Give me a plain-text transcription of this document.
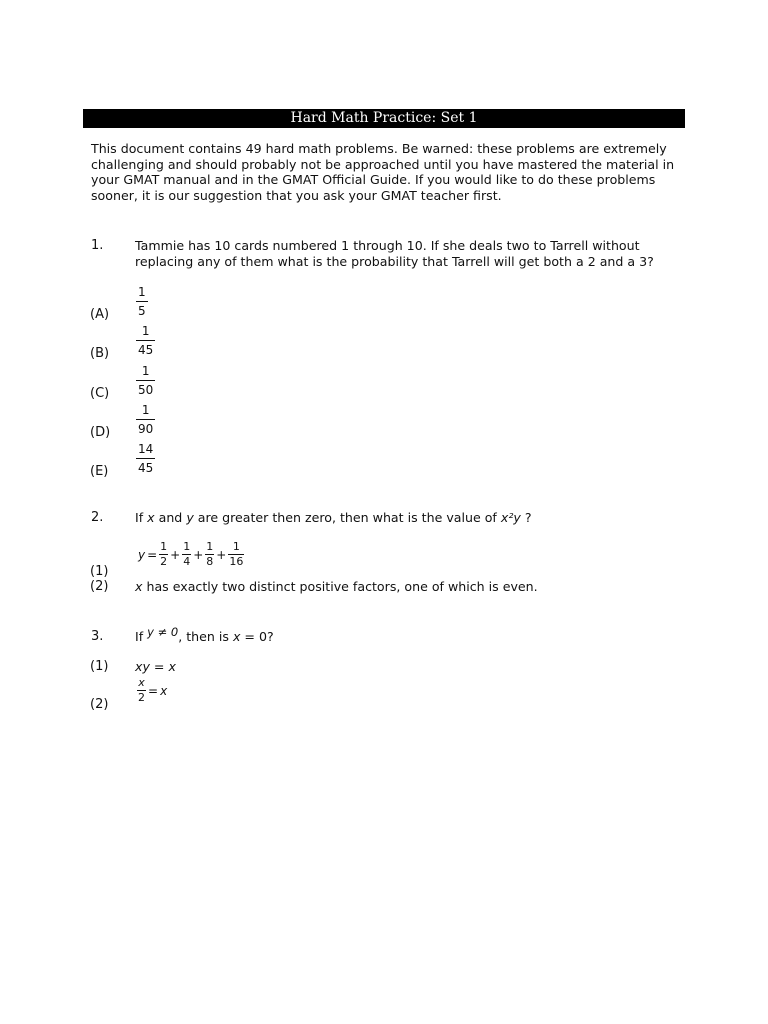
Hard Math Practice: Set 1

This document contains 49 hard math problems. Be warned: these problems are extremely challenging and should probably not be approached until you have mastered the material in your GMAT manual and in the GMAT Official Guide. If you would like to do these problems sooner, it is our suggestion that you ask your GMAT teacher first.

1.	Tammie has 10 cards numbered 1 through 10. If she deals two to Tarrell without replacing any of them what is the probability that Tarrell will get both a 2 and a 3?
$(A) \frac{1}{5}$
$(B) \frac{1}{45}$
$(C) \frac{1}{50}$
$(D) \frac{1}{90}$
$(E) \frac{14}{45}$
2.	If x and y are greater then zero, then what is the value of x²y ?
(1)
$y = \frac{1}{2} + \frac{1}{4} + \frac{1}{8} + \frac{1}{16}$
(2) x has exactly two distinct positive factors, one of which is even.
3.	If y ≠ 0, then is x = 0?
(1) xy = x
(2)
$\frac{x}{2} = x$
